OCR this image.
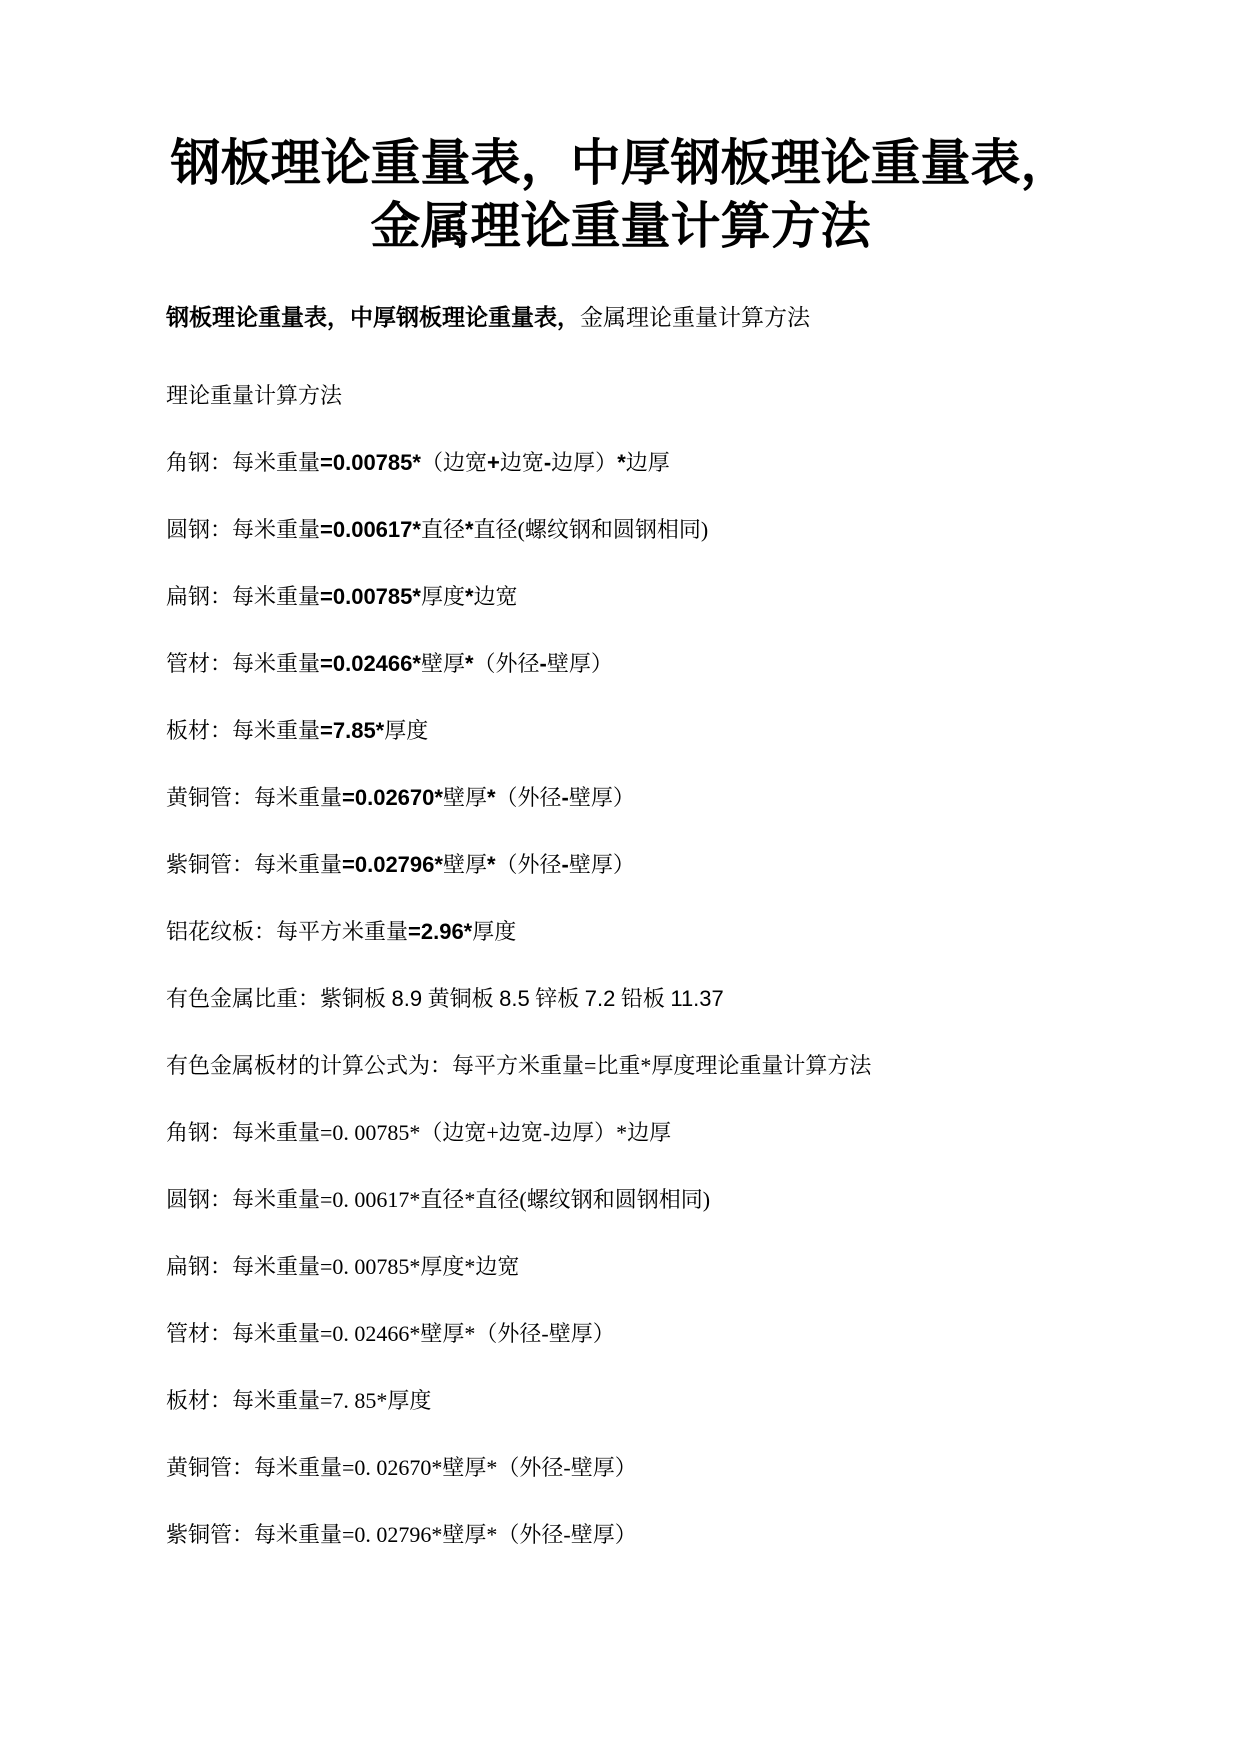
钢板理论重量表，中厚钢板理论重量表，
金属理论重量计算方法

钢板理论重量表，中厚钢板理论重量表，金属理论重量计算方法

理论重量计算方法

角钢：每米重量=0.00785*（边宽+边宽-边厚）*边厚

圆钢：每米重量=0.00617*直径*直径(螺纹钢和圆钢相同)

扁钢：每米重量=0.00785*厚度*边宽

管材：每米重量=0.02466*壁厚*（外径-壁厚）

板材：每米重量=7.85*厚度

黄铜管：每米重量=0.02670*壁厚*（外径-壁厚）

紫铜管：每米重量=0.02796*壁厚*（外径-壁厚）

铝花纹板：每平方米重量=2.96*厚度

有色金属比重：紫铜板 8.9 黄铜板 8.5 锌板 7.2 铅板 11.37

有色金属板材的计算公式为：每平方米重量=比重*厚度理论重量计算方法

角钢：每米重量=0. 00785*（边宽+边宽-边厚）*边厚

圆钢：每米重量=0. 00617*直径*直径(螺纹钢和圆钢相同)

扁钢：每米重量=0. 00785*厚度*边宽

管材：每米重量=0. 02466*壁厚*（外径-壁厚）

板材：每米重量=7. 85*厚度

黄铜管：每米重量=0. 02670*壁厚*（外径-壁厚）

紫铜管：每米重量=0. 02796*壁厚*（外径-壁厚）
